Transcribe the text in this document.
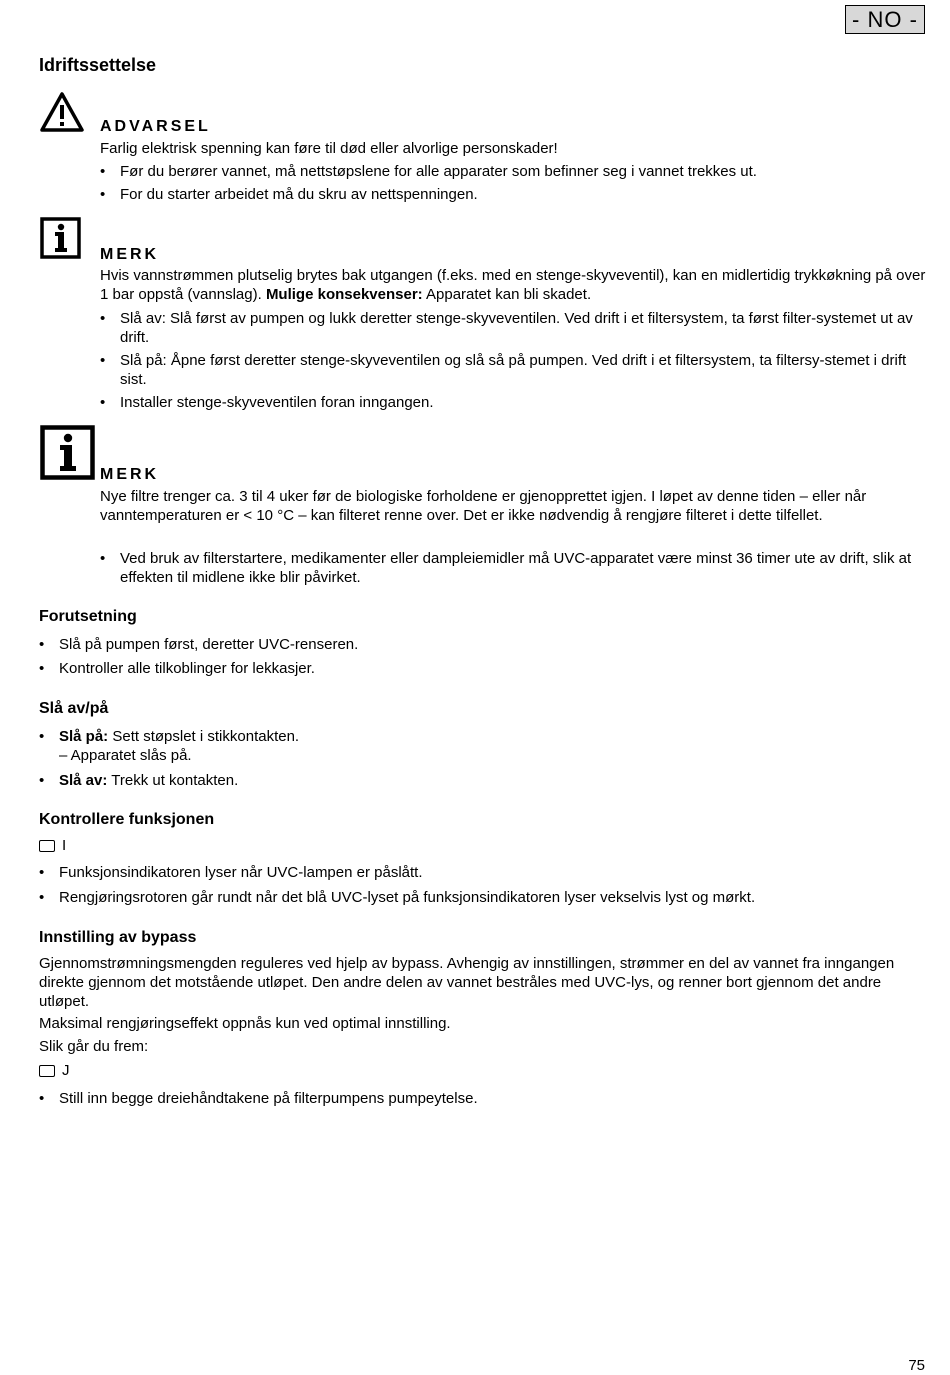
- NO -
Idriftssettelse
ADVARSEL
Farlig elektrisk spenning kan føre til død eller alvorlige personskader!
• Før du berører vannet, må nettstøpslene for alle apparater som befinner seg i vannet trekkes ut.
• For du starter arbeidet må du skru av nettspenningen.
MERK
Hvis vannstrømmen plutselig brytes bak utgangen (f.eks. med en stenge-skyveventil), kan en midlertidig trykkøkning på over 1 bar oppstå (vannslag). Mulige konsekvenser: Apparatet kan bli skadet.
• Slå av: Slå først av pumpen og lukk deretter stenge-skyveventilen. Ved drift i et filtersystem, ta først filter-systemet ut av drift.
• Slå på: Åpne først deretter stenge-skyveventilen og slå så på pumpen. Ved drift i et filtersystem, ta filtersy-stemet i drift sist.
• Installer stenge-skyveventilen foran inngangen.
MERK
Nye filtre trenger ca. 3 til 4 uker før de biologiske forholdene er gjenopprettet igjen. I løpet av denne tiden – eller når vanntemperaturen er < 10 °C – kan filteret renne over. Det er ikke nødvendig å rengjøre filteret i dette tilfellet.
• Ved bruk av filterstartere, medikamenter eller dampleiemidler må UVC-apparatet være minst 36 timer ute av drift, slik at effekten til midlene ikke blir påvirket.
Forutsetning
• Slå på pumpen først, deretter UVC-renseren.
• Kontroller alle tilkoblinger for lekkasjer.
Slå av/på
• Slå på: Sett støpslet i stikkontakten.
– Apparatet slås på.
• Slå av: Trekk ut kontakten.
Kontrollere funksjonen
I
• Funksjonsindikatoren lyser når UVC-lampen er påslått.
• Rengjøringsrotoren går rundt når det blå UVC-lyset på funksjonsindikatoren lyser vekselvis lyst og mørkt.
Innstilling av bypass
Gjennomstrømningsmengden reguleres ved hjelp av bypass. Avhengig av innstillingen, strømmer en del av vannet fra inngangen direkte gjennom det motstående utløpet. Den andre delen av vannet bestråles med UVC-lys, og renner bort gjennom det andre utløpet.
Maksimal rengjøringseffekt oppnås kun ved optimal innstilling.
Slik går du frem:
J
• Still inn begge dreiehåndtakene på filterpumpens pumpeytelse.
75
